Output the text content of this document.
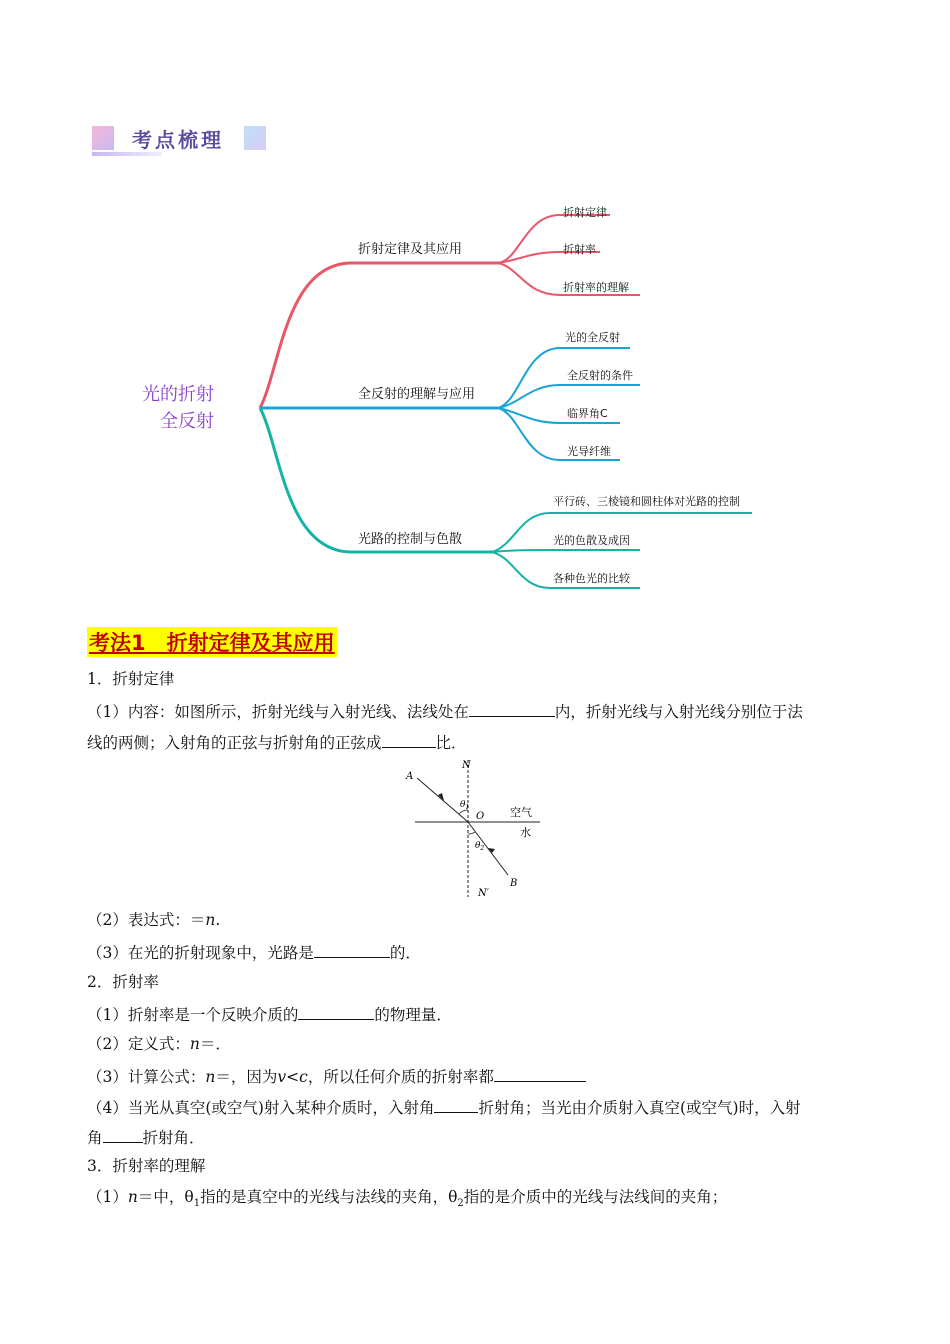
考点梳理
光的折射
全反射
折射定律及其应用
折射定律
折射率
折射率的理解
全反射的理解与应用
光的全反射
全反射的条件
临界角C
光导纤维
光路的控制与色散
平行砖、三棱镜和圆柱体对光路的控制
光的色散及成因
各种色光的比较
考法1　折射定律及其应用
1．折射定律
（1）内容：如图所示，折射光线与入射光线、法线处在	内，折射光线与入射光线分别位于法
线的两侧；入射角的正弦与折射角的正弦成	比．
N
A
$\theta_1$
O 空气
水
$\theta_2$
B
N′
（2）表达式：＝n.
（3）在光的折射现象中，光路是	的．
2．折射率
（1）折射率是一个反映介质的	的物理量．
（2）定义式：n＝．
（3）计算公式：n＝，因为v<c，所以任何介质的折射率都
（4）当光从真空(或空气)射入某种介质时，入射角	折射角；当光由介质射入真空(或空气)时，入射
角	折射角．
3．折射率的理解
（1）n＝中，$\theta_1$指的是真空中的光线与法线的夹角，$\theta_2$指的是介质中的光线与法线间的夹角；
